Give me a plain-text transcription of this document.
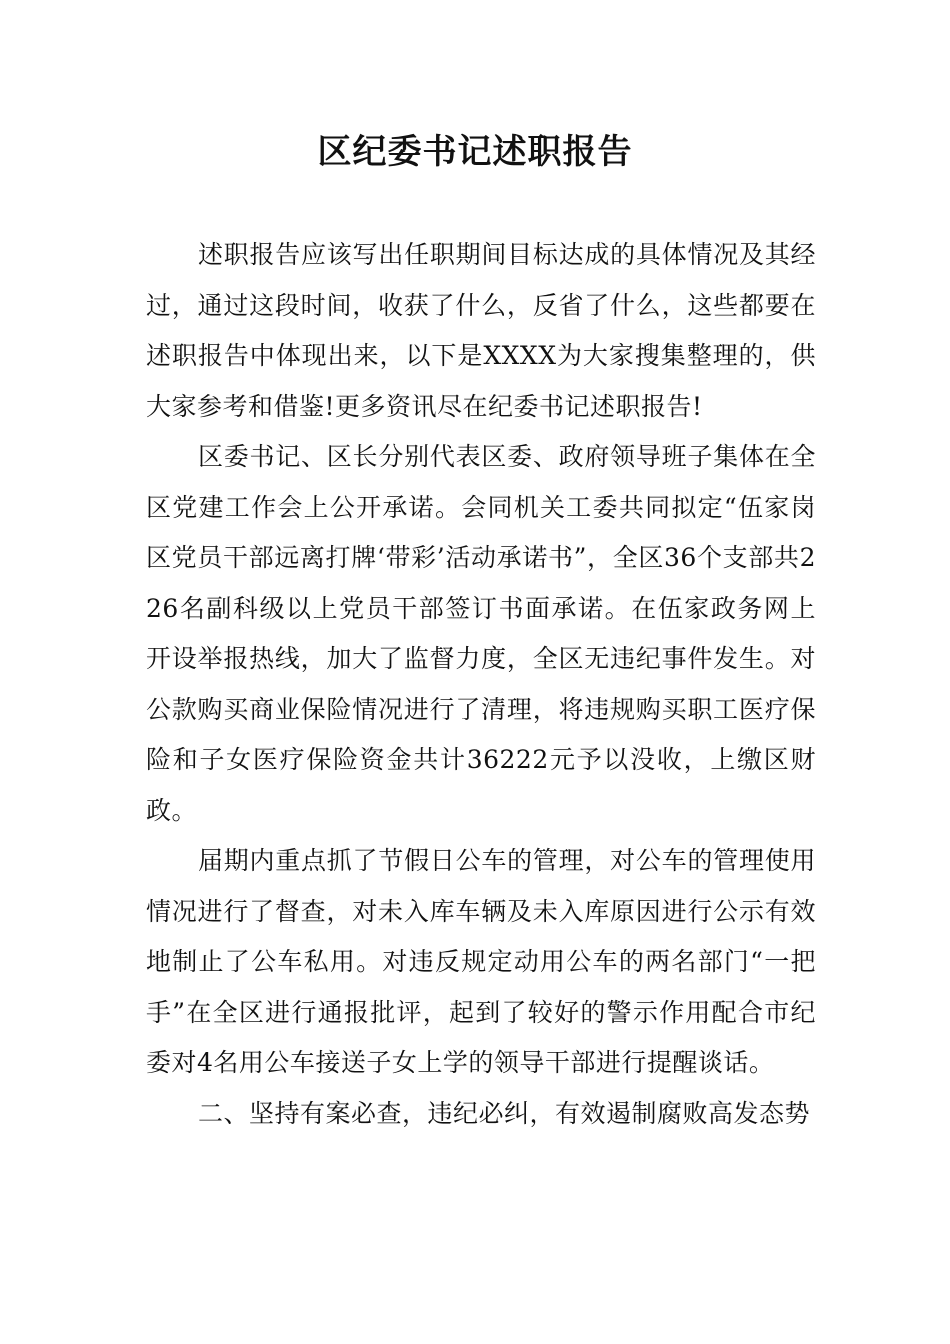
区纪委书记述职报告

述职报告应该写出任职期间目标达成的具体情况及其经过，通过这段时间，收获了什么，反省了什么，这些都要在述职报告中体现出来，以下是XXXX为大家搜集整理的，供大家参考和借鉴!更多资讯尽在纪委书记述职报告!

区委书记、区长分别代表区委、政府领导班子集体在全区党建工作会上公开承诺。会同机关工委共同拟定“伍家岗区党员干部远离打牌‘带彩’活动承诺书”，全区36个支部共226名副科级以上党员干部签订书面承诺。在伍家政务网上开设举报热线，加大了监督力度，全区无违纪事件发生。对公款购买商业保险情况进行了清理，将违规购买职工医疗保险和子女医疗保险资金共计36222元予以没收，上缴区财政。

届期内重点抓了节假日公车的管理，对公车的管理使用情况进行了督查，对未入库车辆及未入库原因进行公示有效地制止了公车私用。对违反规定动用公车的两名部门“一把手”在全区进行通报批评，起到了较好的警示作用配合市纪委对4名用公车接送子女上学的领导干部进行提醒谈话。

二、坚持有案必查，违纪必纠，有效遏制腐败高发态势
